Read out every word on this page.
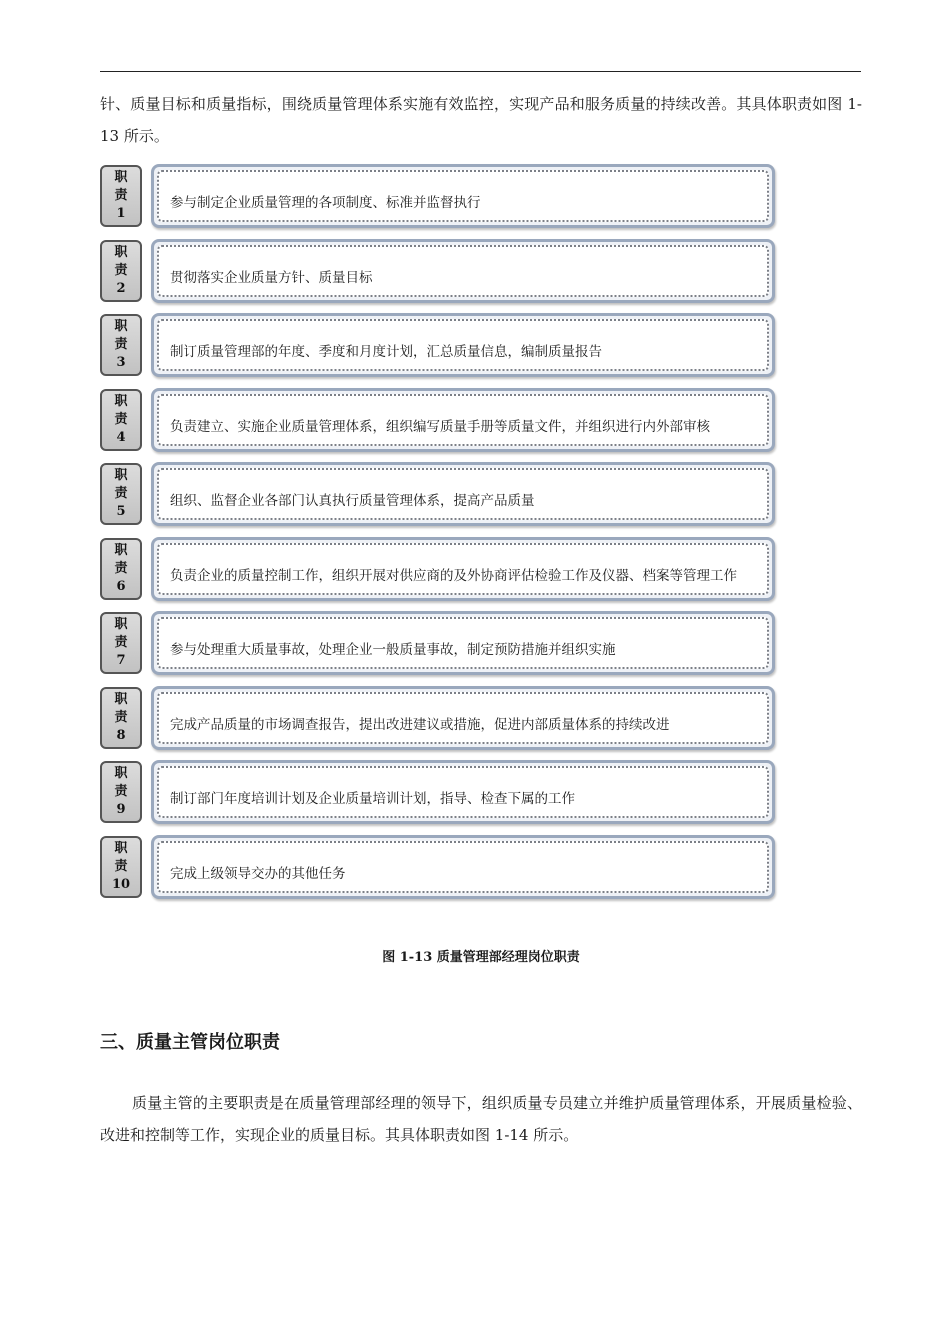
针、质量目标和质量指标，围绕质量管理体系实施有效监控，实现产品和服务质量的持续改善。其具体职责如图 1-13 所示。

职
责
1
参与制定企业质量管理的各项制度、标准并监督执行
职
责
2
贯彻落实企业质量方针、质量目标
职
责
3
制订质量管理部的年度、季度和月度计划，汇总质量信息，编制质量报告
职
责
4
负责建立、实施企业质量管理体系，组织编写质量手册等质量文件，并组织进行内外部审核
职
责
5
组织、监督企业各部门认真执行质量管理体系，提高产品质量
职
责
6
负责企业的质量控制工作，组织开展对供应商的及外协商评估检验工作及仪器、档案等管理工作
职
责
7
参与处理重大质量事故，处理企业一般质量事故，制定预防措施并组织实施
职
责
8
完成产品质量的市场调查报告，提出改进建议或措施，促进内部质量体系的持续改进
职
责
9
制订部门年度培训计划及企业质量培训计划，指导、检查下属的工作
职
责
10
完成上级领导交办的其他任务
图 1-13 质量管理部经理岗位职责
三、质量主管岗位职责

质量主管的主要职责是在质量管理部经理的领导下，组织质量专员建立并维护质量管理体系，开展质量检验、改进和控制等工作，实现企业的质量目标。其具体职责如图 1-14 所示。
